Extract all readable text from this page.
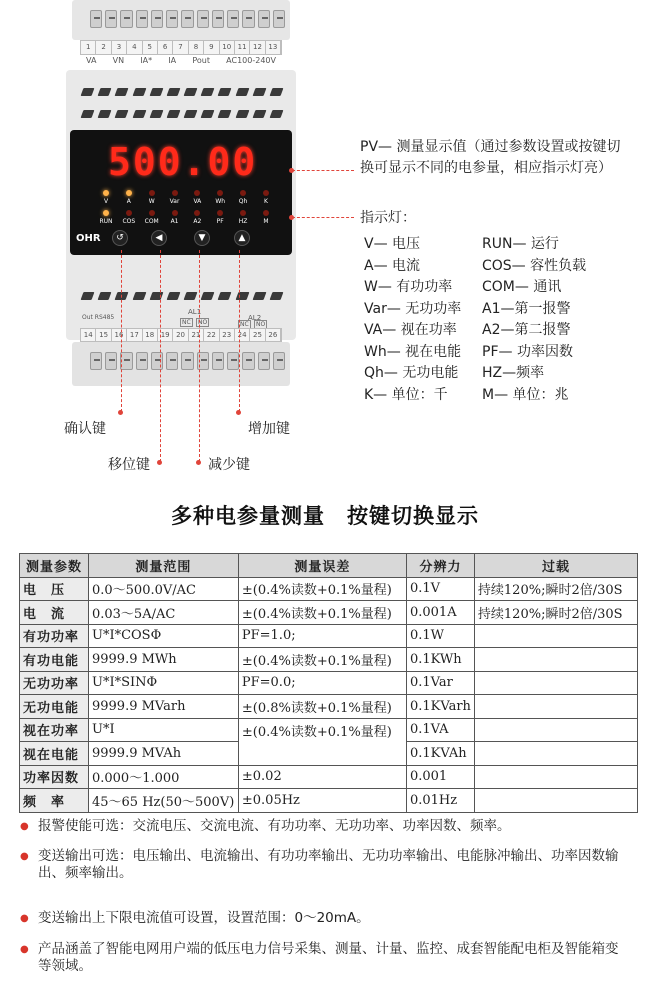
1	2	3	4	5	6	7	8	9	10 11 12 13
VA VN IA* IA Pout AC100-240V
500.00
V	A	W	Var	VA	Wh	Qh	K
RUN	COS	COM	A1	A2	PF	HZ	M
OHR	↺	◀	▼	▲
Out RS485
AL1
AL2
NC	NO	NC	NO
14 15 16 17 18 19 20 21 22 23 24 25 26
PV— 测量显示值（通过参数设置或按键切换可显示不同的电参量，相应指示灯亮）
指示灯：
V— 电压	RUN— 运行
A— 电流	COS— 容性负载
W— 有功功率	COM— 通讯
Var— 无功功率	A1—第一报警
VA— 视在功率	A2—第二报警
Wh— 视在电能	PF— 功率因数
Qh— 无功电能	HZ—频率
K— 单位：千	M— 单位：兆
确认键
移位键	减少键
增加键
多种电参量测量　按键切换显示
测量参数	测量范围	测量误差	分辨力	过载
电　压	0.0～500.0V/AC	±(0.4%读数+0.1%量程)	0.1V	持续120%;瞬时2倍/30S
电　流	0.03～5A/AC	±(0.4%读数+0.1%量程)	0.001A	持续120%;瞬时2倍/30S
有功功率	U*I*COSΦ	PF=1.0;	0.1W	
有功电能	9999.9 MWh	±(0.4%读数+0.1%量程)	0.1KWh	
无功功率	U*I*SINΦ	PF=0.0;	0.1Var	
无功电能	9999.9 MVarh	±(0.8%读数+0.1%量程)	0.1KVarh	
视在功率	U*I	±(0.4%读数+0.1%量程)	0.1VA	
视在电能	9999.9 MVAh		0.1KVAh	
功率因数	0.000～1.000	±0.02	0.001	
频　率	45～65 Hz(50～500V)	±0.05Hz	0.01Hz	
● 报警使能可选：交流电压、交流电流、有功功率、无功功率、功率因数、频率。
● 变送输出可选：电压输出、电流输出、有功功率输出、无功功率输出、电能脉冲输出、功率因数输出、频率输出。
● 变送输出上下限电流值可设置，设置范围：0～20mA。
● 产品涵盖了智能电网用户端的低压电力信号采集、测量、计量、监控、成套智能配电柜及智能箱变等领域。
